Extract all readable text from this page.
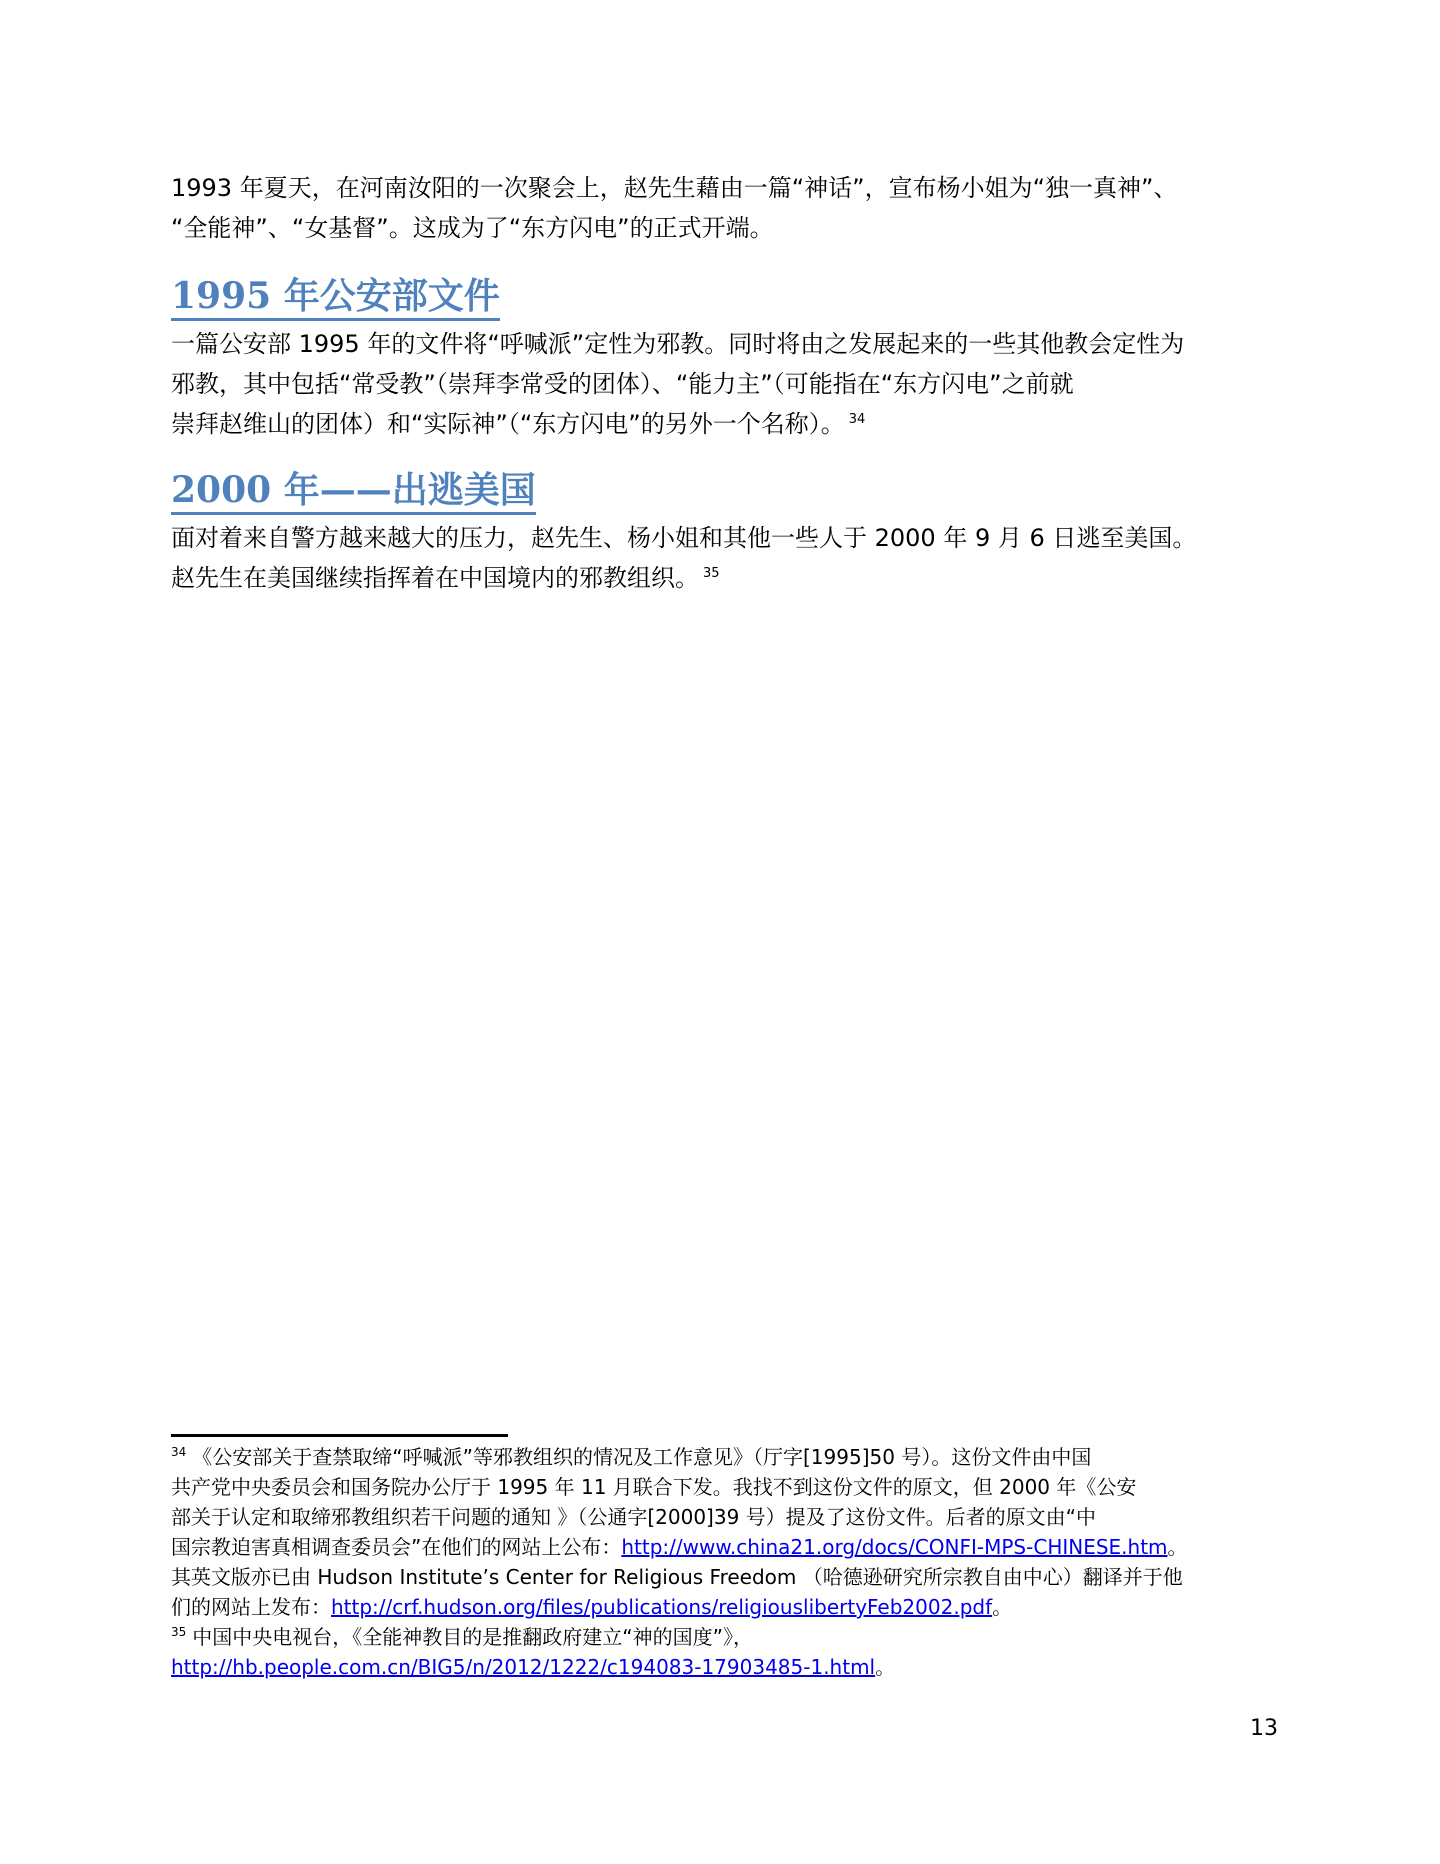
1993 年夏天，在河南汝阳的一次聚会上，赵先生藉由一篇“神话”，宣布杨小姐为“独一真神”、
“全能神”、“女基督”。这成为了“东方闪电”的正式开端。

1995 年公安部文件

一篇公安部 1995 年的文件将“呼喊派”定性为邪教。同时将由之发展起来的一些其他教会定性为
邪教，其中包括“常受教”（崇拜李常受的团体）、“能力主”（可能指在“东方闪电”之前就
崇拜赵维山的团体）和“实际神”（“东方闪电”的另外一个名称）。 $^{34}$

2000 年——出逃美国

面对着来自警方越来越大的压力，赵先生、杨小姐和其他一些人于 2000 年 9 月 6 日逃至美国。
赵先生在美国继续指挥着在中国境内的邪教组织。 $^{35}$

$^{34}$ 《公安部关于查禁取缔“呼喊派”等邪教组织的情况及工作意见》（厅字[1995]50 号）。这份文件由中国
共产党中央委员会和国务院办公厅于 1995 年 11 月联合下发。我找不到这份文件的原文，但 2000 年《公安
部关于认定和取缔邪教组织若干问题的通知 》（公通字[2000]39 号）提及了这份文件。后者的原文由“中
国宗教迫害真相调查委员会”在他们的网站上公布：http://www.china21.org/docs/CONFI-MPS-CHINESE.htm。
其英文版亦已由 Hudson Institute’s Center for Religious Freedom （哈德逊研究所宗教自由中心）翻译并于他
们的网站上发布：http://crf.hudson.org/files/publications/religiouslibertyFeb2002.pdf。

$^{35}$ 中国中央电视台，《全能神教目的是推翻政府建立“神的国度”》，
http://hb.people.com.cn/BIG5/n/2012/1222/c194083-17903485-1.html。

13
